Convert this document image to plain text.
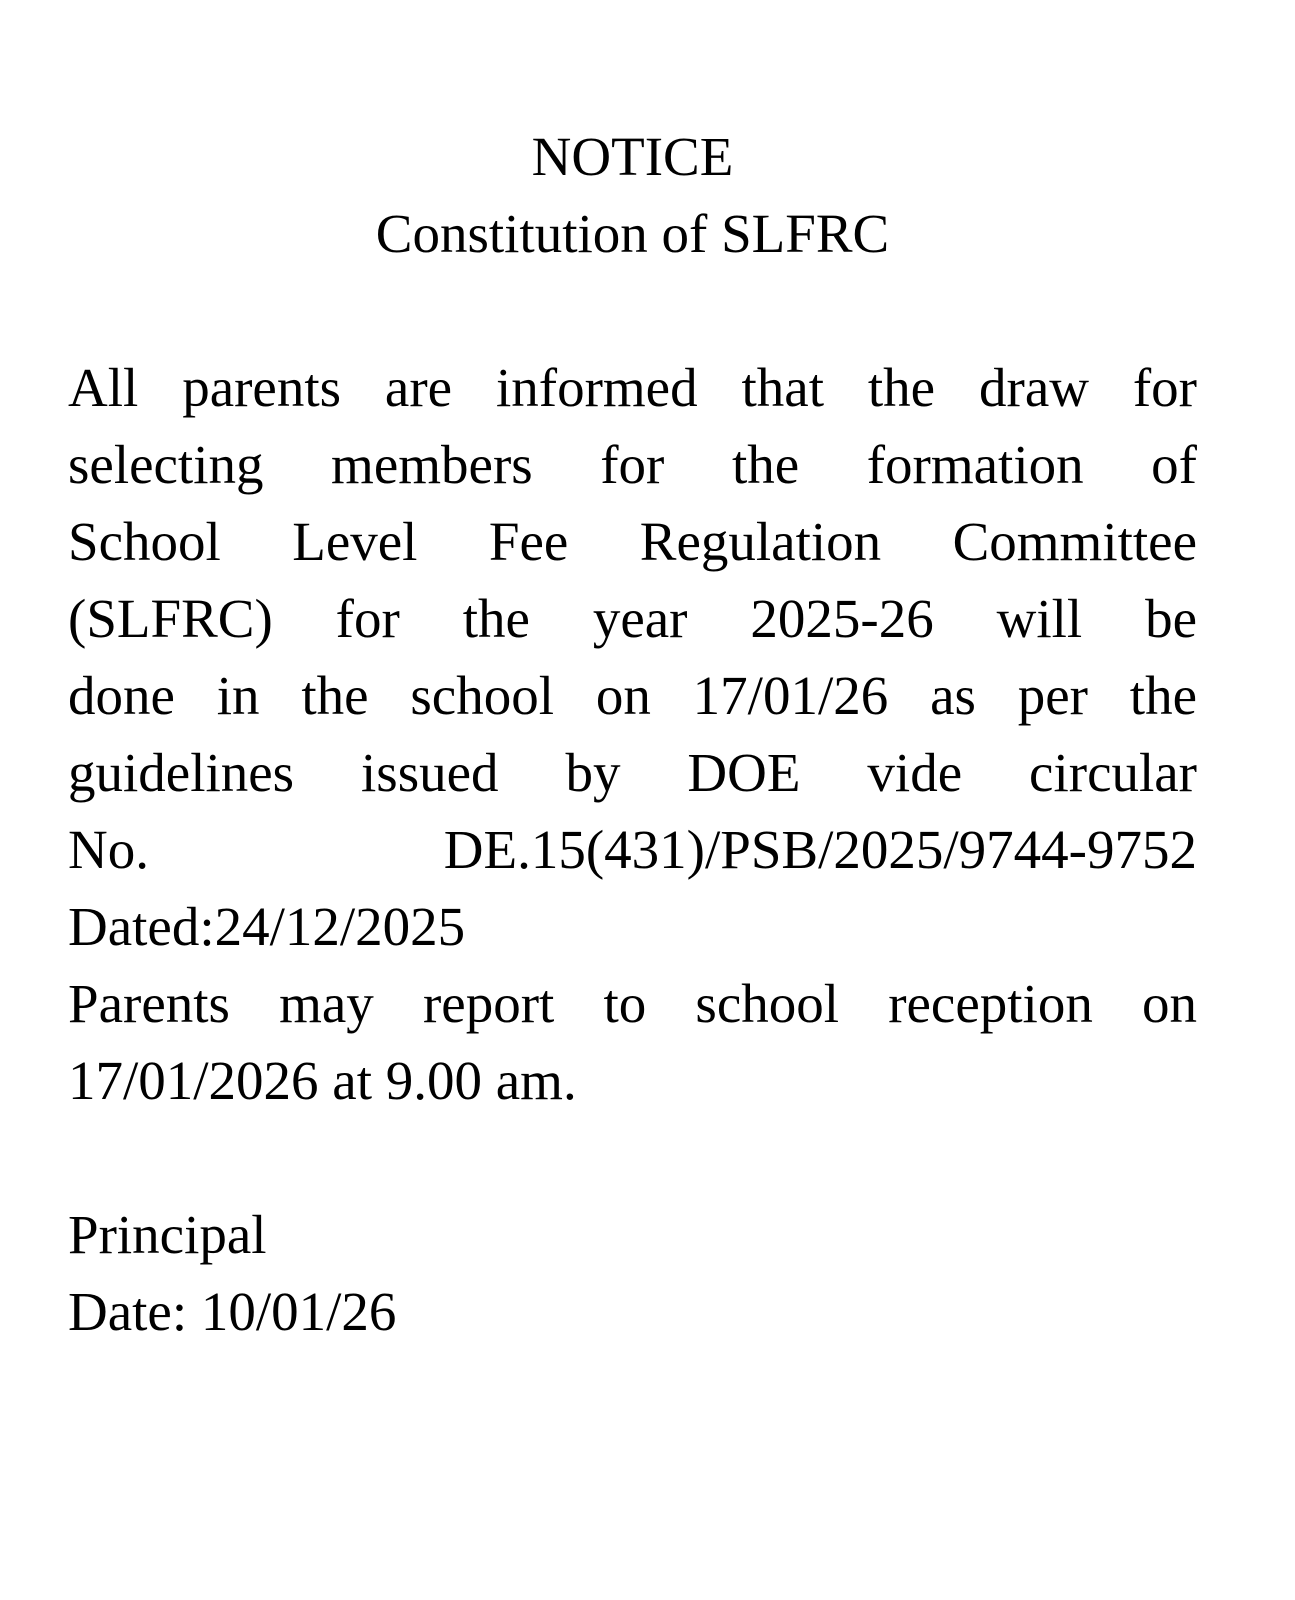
NOTICE
Constitution of SLFRC
All parents are informed that the draw for
selecting members for the formation of
School Level Fee Regulation Committee
(SLFRC) for the year 2025-26 will be
done in the school on 17/01/26 as per the
guidelines issued by DOE vide circular
No. DE.15(431)/PSB/2025/9744-9752
Dated:24/12/2025
Parents may report to school reception on
17/01/2026 at 9.00 am.
Principal
Date: 10/01/26
